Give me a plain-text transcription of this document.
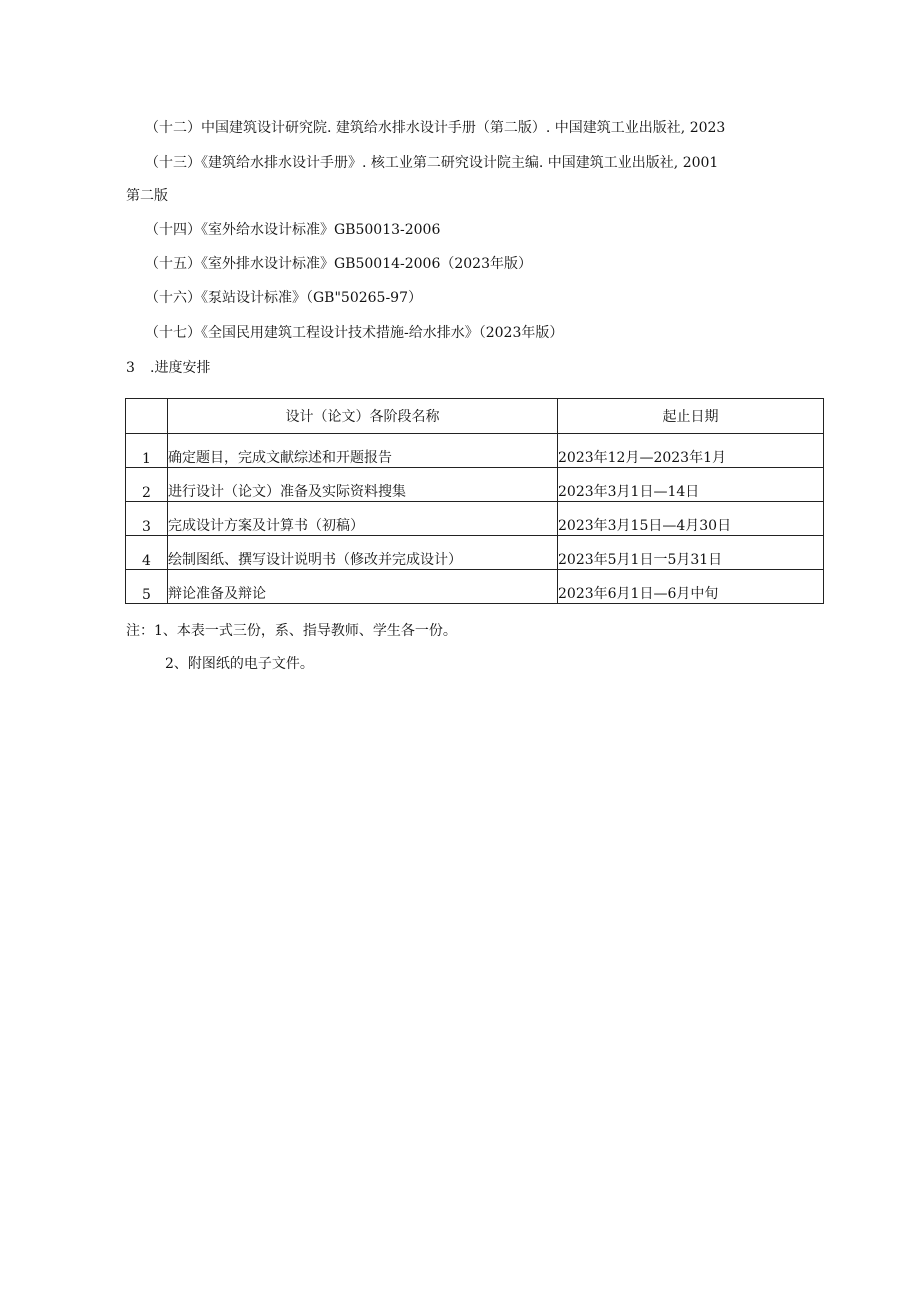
（十二）中国建筑设计研究院. 建筑给水排水设计手册（第二版）. 中国建筑工业出版社, 2023
（十三）《建筑给水排水设计手册》. 核工业第二研究设计院主编. 中国建筑工业出版社, 2001
第二版
（十四）《室外给水设计标准》GB50013-2006
（十五）《室外排水设计标准》GB50014-2006（2023年版）
（十六）《泵站设计标准》（GB"50265-97）
（十七）《全国民用建筑工程设计技术措施-给水排水》（2023年版）
3 .进度安排
	设计（论文）各阶段名称	起止日期
1	确定题目，完成文献综述和开题报告	2023年12月—2023年1月
2	进行设计（论文）准备及实际资料搜集	2023年3月1日—14日
3	完成设计方案及计算书（初稿）	2023年3月15日—4月30日
4	绘制图纸、撰写设计说明书（修改并完成设计）	2023年5月1日一5月31日
5	辩论准备及辩论	2023年6月1日—6月中旬
注：1、本表一式三份，系、指导教师、学生各一份。
2、附图纸的电子文件。
